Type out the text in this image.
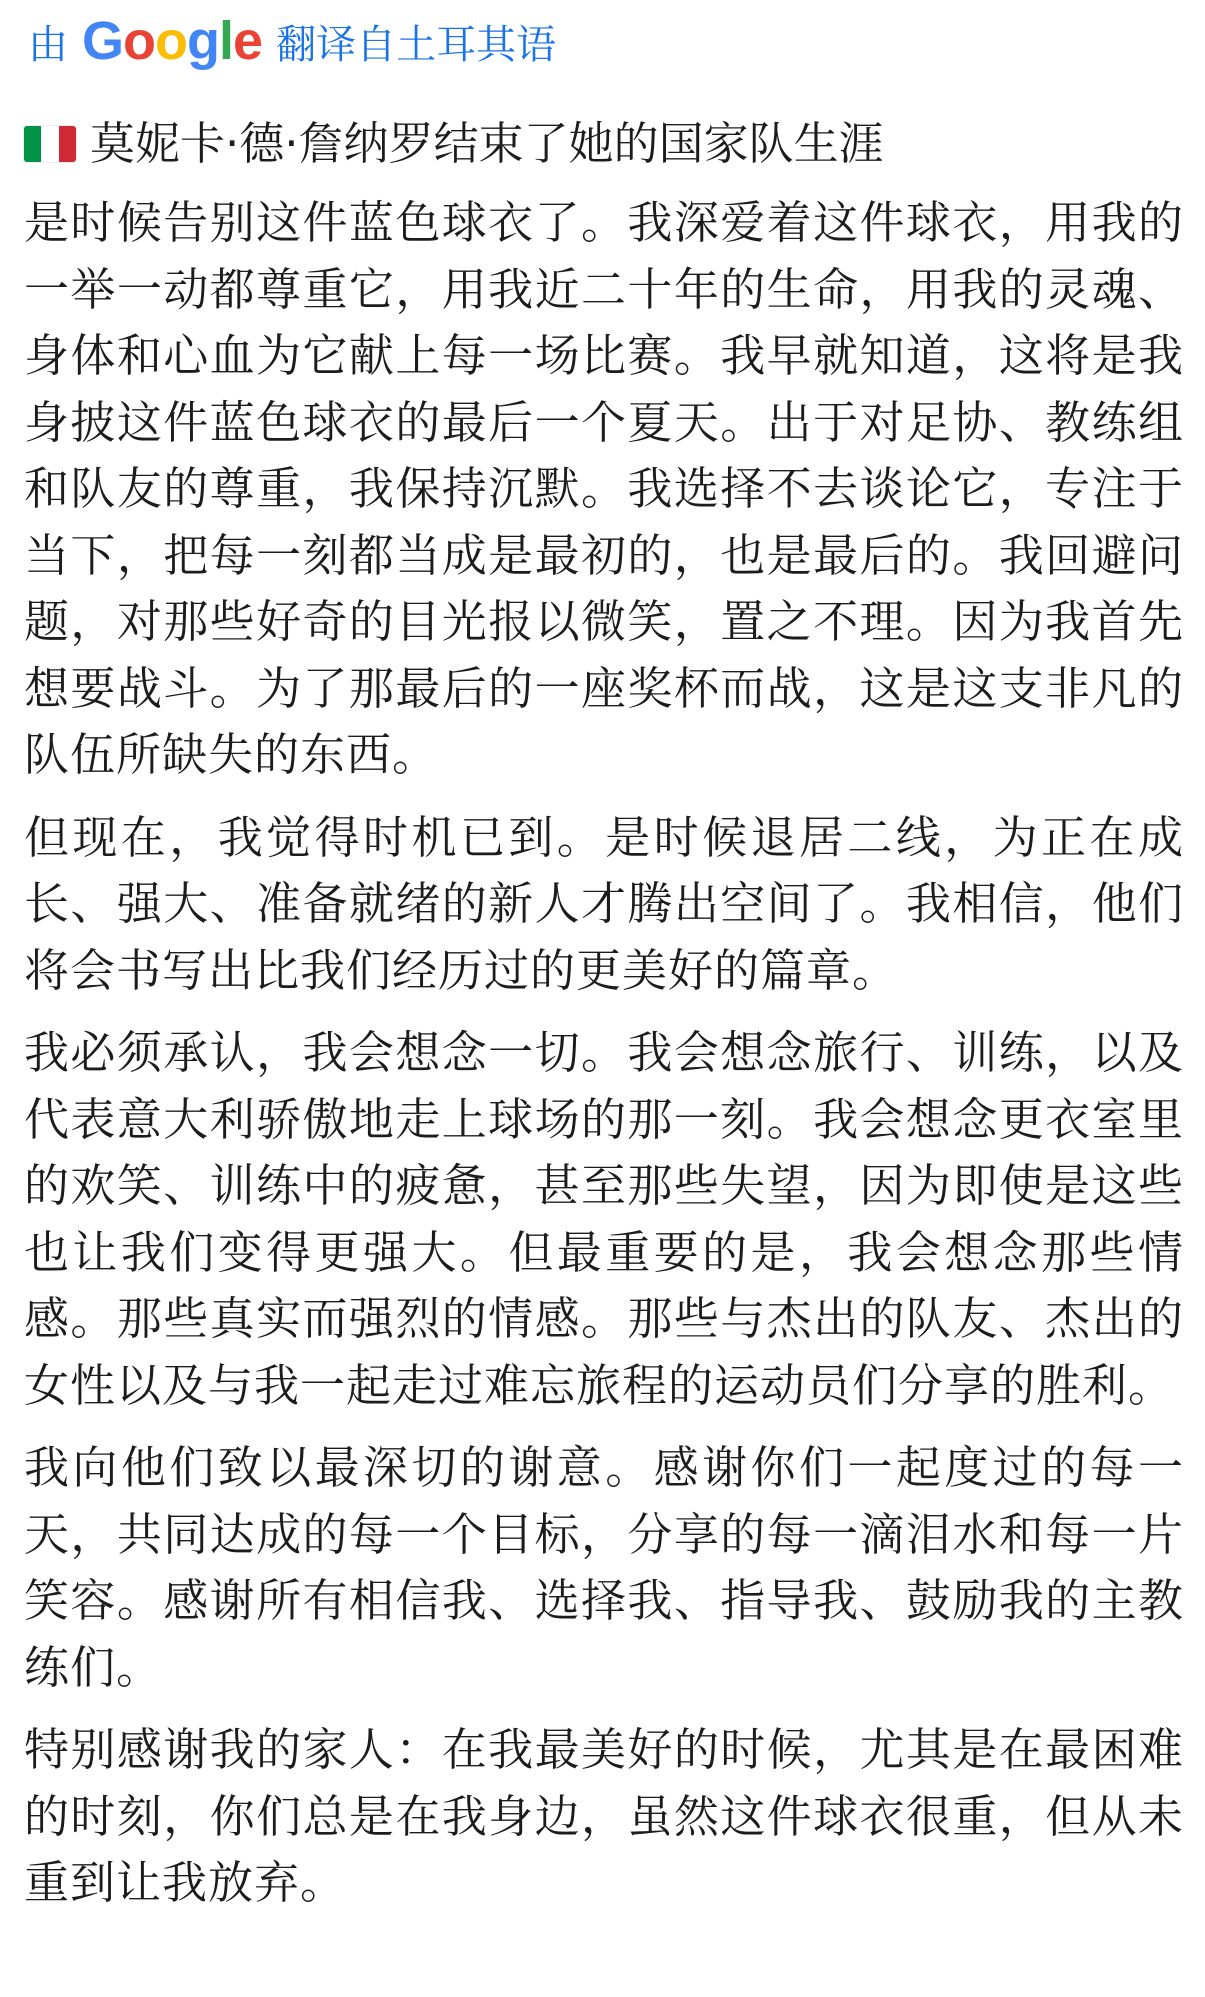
由 Google 翻译自土耳其语
莫妮卡·德·詹纳罗结束了她的国家队生涯

是时候告别这件蓝色球衣了。我深爱着这件球衣，用我的一举一动都尊重它，用我近二十年的生命，用我的灵魂、身体和心血为它献上每一场比赛。我早就知道，这将是我身披这件蓝色球衣的最后一个夏天。出于对足协、教练组和队友的尊重，我保持沉默。我选择不去谈论它，专注于当下，把每一刻都当成是最初的，也是最后的。我回避问题，对那些好奇的目光报以微笑，置之不理。因为我首先想要战斗。为了那最后的一座奖杯而战，这是这支非凡的队伍所缺失的东西。

但现在，我觉得时机已到。是时候退居二线，为正在成长、强大、准备就绪的新人才腾出空间了。我相信，他们将会书写出比我们经历过的更美好的篇章。

我必须承认，我会想念一切。我会想念旅行、训练，以及代表意大利骄傲地走上球场的那一刻。我会想念更衣室里的欢笑、训练中的疲惫，甚至那些失望，因为即使是这些也让我们变得更强大。但最重要的是，我会想念那些情感。那些真实而强烈的情感。那些与杰出的队友、杰出的女性以及与我一起走过难忘旅程的运动员们分享的胜利。

我向他们致以最深切的谢意。感谢你们一起度过的每一天，共同达成的每一个目标，分享的每一滴泪水和每一片笑容。感谢所有相信我、选择我、指导我、鼓励我的主教练们。

特别感谢我的家人：在我最美好的时候，尤其是在最困难的时刻，你们总是在我身边，虽然这件球衣很重，但从未重到让我放弃。
